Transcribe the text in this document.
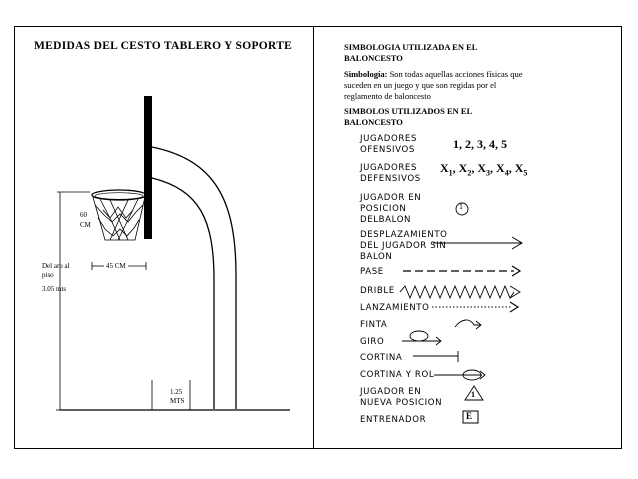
MEDIDAS DEL CESTO TABLERO Y SOPORTE
60
CM
Del aro al
piso
3.05 mts
45 CM
1.25
MTS
SIMBOLOGIA UTILIZADA EN EL
BALONCESTO
Simbología: Son todas aquellas acciones físicas que
suceden en un juego y que son regidas por el
reglamento de baloncesto
SIMBOLOS UTILIZADOS EN EL
BALONCESTO
JUGADORES
OFENSIVOS	1, 2, 3, 4, 5
JUGADORES
DEFENSIVOS
$X_1$, $X_2$, $X_3$, $X_4$, $X_5$
JUGADOR EN
POSICION
DELBALON
DESPLAZAMIENTO
DEL JUGADOR SIN
BALON
PASE
DRIBLE
LANZAMIENTO
FINTA
GIRO
CORTINA
CORTINA Y ROL
JUGADOR EN
NUEVA POSICION
ENTRENADOR
1
1
E
